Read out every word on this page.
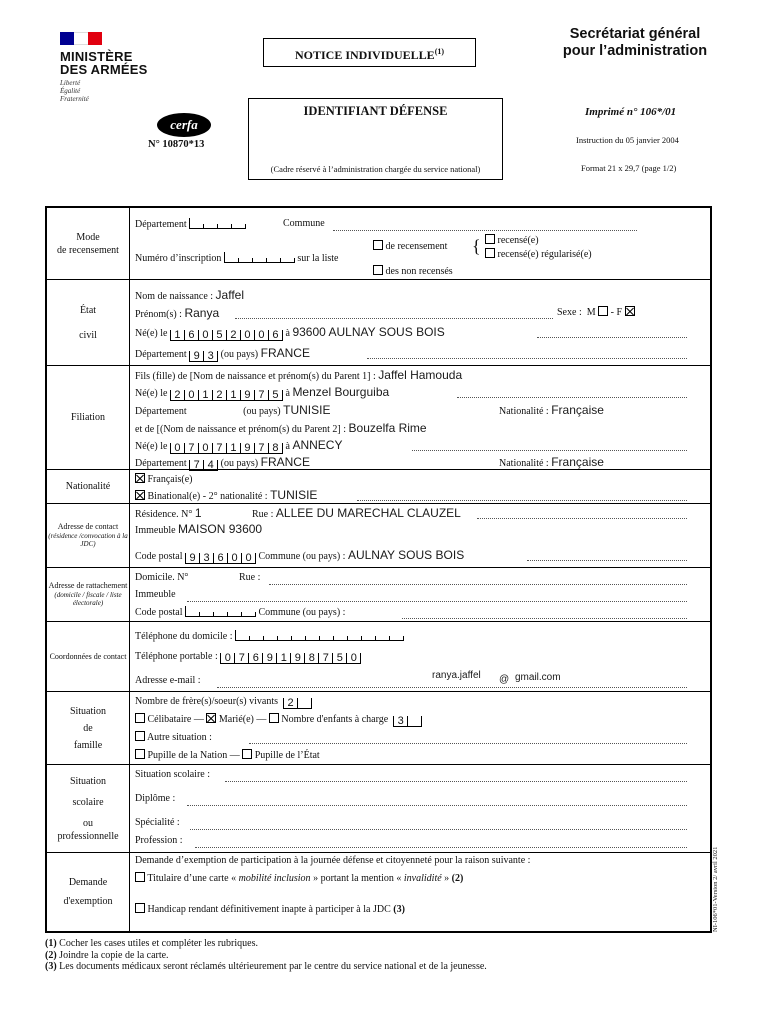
MINISTÈRE
DES ARMÉES
Liberté
Égalité
Fraternité
NOTICE INDIVIDUELLE$^{(1)}$
Secrétariat général
pour l’administration
IDENTIFIANT DÉFENSE
(Cadre réservé à l’administration chargée du service national)
cerfa
N° 10870*13
Imprimé n° 106*/01
Instruction du 05 janvier 2004
Format 21 x 29,7 (page 1/2)
Mode
de recensement
Département	Commune
Numéro d’inscription	sur la liste
de recensement
des non recensés
{	recensé(e)
recensé(e) régularisé(e)
État
civil
Nom de naissance : Jaffel
Prénom(s) : Ranya	Sexe : M - F
Né(e) le 1 6 0 5 2 0 0 6 à 93600 AULNAY SOUS BOIS
Département 9 3 (ou pays) FRANCE
Filiation
Fils (fille) de [Nom de naissance et prénom(s) du Parent 1] : Jaffel Hamouda
Né(e) le 2 0 1 2 1 9 7 5 à Menzel Bourguiba
Département	(ou pays) TUNISIE	Nationalité : Française
et de [(Nom de naissance et prénom(s) du Parent 2] : Bouzelfa Rime
Né(e) le 0 7 0 7 1 9 7 8 à ANNECY
Département 7 4 (ou pays) FRANCE	Nationalité : Française
Nationalité
Français(e)
Binational(e) - 2° nationalité : TUNISIE
Adresse de contact
(résidence /convocation à la JDC)
Résidence. N° 1	Rue : ALLEE DU MARECHAL CLAUZEL
Immeuble MAISON 93600
Code postal 9 3 6 0 0 Commune (ou pays) : AULNAY SOUS BOIS
Adresse de rattachement
(domicile / fiscale / liste électorale)
Domicile. N°	Rue :
Immeuble
Code postal	Commune (ou pays) :
Coordonnées de contact
Téléphone du domicile :
Téléphone portable : 0 7 6 9 1 9 8 7 5 0
Adresse e-mail :	ranya.jaffel @ gmail.com
Situation
de
famille
Nombre de frère(s)/soeur(s) vivants 2
Célibataire — Marié(e) — Nombre d'enfants à charge 3
Autre situation :
Pupille de la Nation — Pupille de l’État
Situation
scolaire
ou
professionnelle
Situation scolaire :
Diplôme :
Spécialité :
Profession :
Demande
d'exemption
Demande d’exemption de participation à la journée défense et citoyenneté pour la raison suivante :
Titulaire d’une carte « mobilité inclusion » portant la mention « invalidité » (2)
Handicap rendant définitivement inapte à participer à la JDC (3)	NI-106*01-Version 2/ avril 2021
(1) Cocher les cases utiles et compléter les rubriques.
(2) Joindre la copie de la carte.
(3) Les documents médicaux seront réclamés ultérieurement par le centre du service national et de la jeunesse.
